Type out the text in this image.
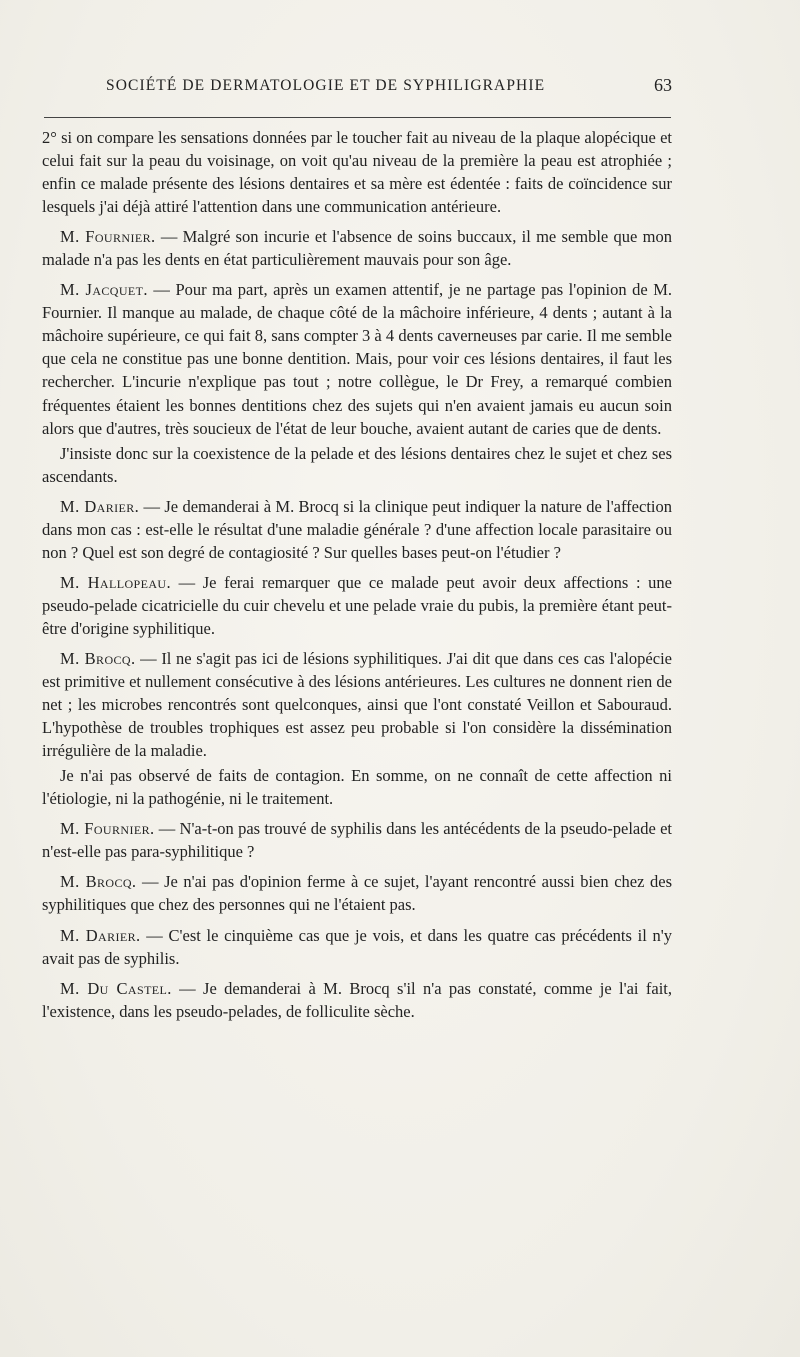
SOCIÉTÉ DE DERMATOLOGIE ET DE SYPHILIGRAPHIE	63

2° si on compare les sensations données par le toucher fait au niveau de la plaque alopécique et celui fait sur la peau du voisinage, on voit qu'au niveau de la première la peau est atrophiée ; enfin ce malade présente des lésions dentaires et sa mère est édentée : faits de coïncidence sur lesquels j'ai déjà attiré l'attention dans une communication antérieure.

M. Fournier. — Malgré son incurie et l'absence de soins buccaux, il me semble que mon malade n'a pas les dents en état particulièrement mauvais pour son âge.

M. Jacquet. — Pour ma part, après un examen attentif, je ne partage pas l'opinion de M. Fournier. Il manque au malade, de chaque côté de la mâchoire inférieure, 4 dents ; autant à la mâchoire supérieure, ce qui fait 8, sans compter 3 à 4 dents caverneuses par carie. Il me semble que cela ne constitue pas une bonne dentition. Mais, pour voir ces lésions dentaires, il faut les rechercher. L'incurie n'explique pas tout ; notre collègue, le Dr Frey, a remarqué combien fréquentes étaient les bonnes dentitions chez des sujets qui n'en avaient jamais eu aucun soin alors que d'autres, très soucieux de l'état de leur bouche, avaient autant de caries que de dents.

J'insiste donc sur la coexistence de la pelade et des lésions dentaires chez le sujet et chez ses ascendants.

M. Darier. — Je demanderai à M. Brocq si la clinique peut indiquer la nature de l'affection dans mon cas : est-elle le résultat d'une maladie générale ? d'une affection locale parasitaire ou non ? Quel est son degré de contagiosité ? Sur quelles bases peut-on l'étudier ?

M. Hallopeau. — Je ferai remarquer que ce malade peut avoir deux affections : une pseudo-pelade cicatricielle du cuir chevelu et une pelade vraie du pubis, la première étant peut-être d'origine syphilitique.

M. Brocq. — Il ne s'agit pas ici de lésions syphilitiques. J'ai dit que dans ces cas l'alopécie est primitive et nullement consécutive à des lésions antérieures. Les cultures ne donnent rien de net ; les microbes rencontrés sont quelconques, ainsi que l'ont constaté Veillon et Sabouraud. L'hypothèse de troubles trophiques est assez peu probable si l'on considère la dissémination irrégulière de la maladie.

Je n'ai pas observé de faits de contagion. En somme, on ne connaît de cette affection ni l'étiologie, ni la pathogénie, ni le traitement.

M. Fournier. — N'a-t-on pas trouvé de syphilis dans les antécédents de la pseudo-pelade et n'est-elle pas para-syphilitique ?

M. Brocq. — Je n'ai pas d'opinion ferme à ce sujet, l'ayant rencontré aussi bien chez des syphilitiques que chez des personnes qui ne l'étaient pas.

M. Darier. — C'est le cinquième cas que je vois, et dans les quatre cas précédents il n'y avait pas de syphilis.

M. Du Castel. — Je demanderai à M. Brocq s'il n'a pas constaté, comme je l'ai fait, l'existence, dans les pseudo-pelades, de folliculite sèche.
